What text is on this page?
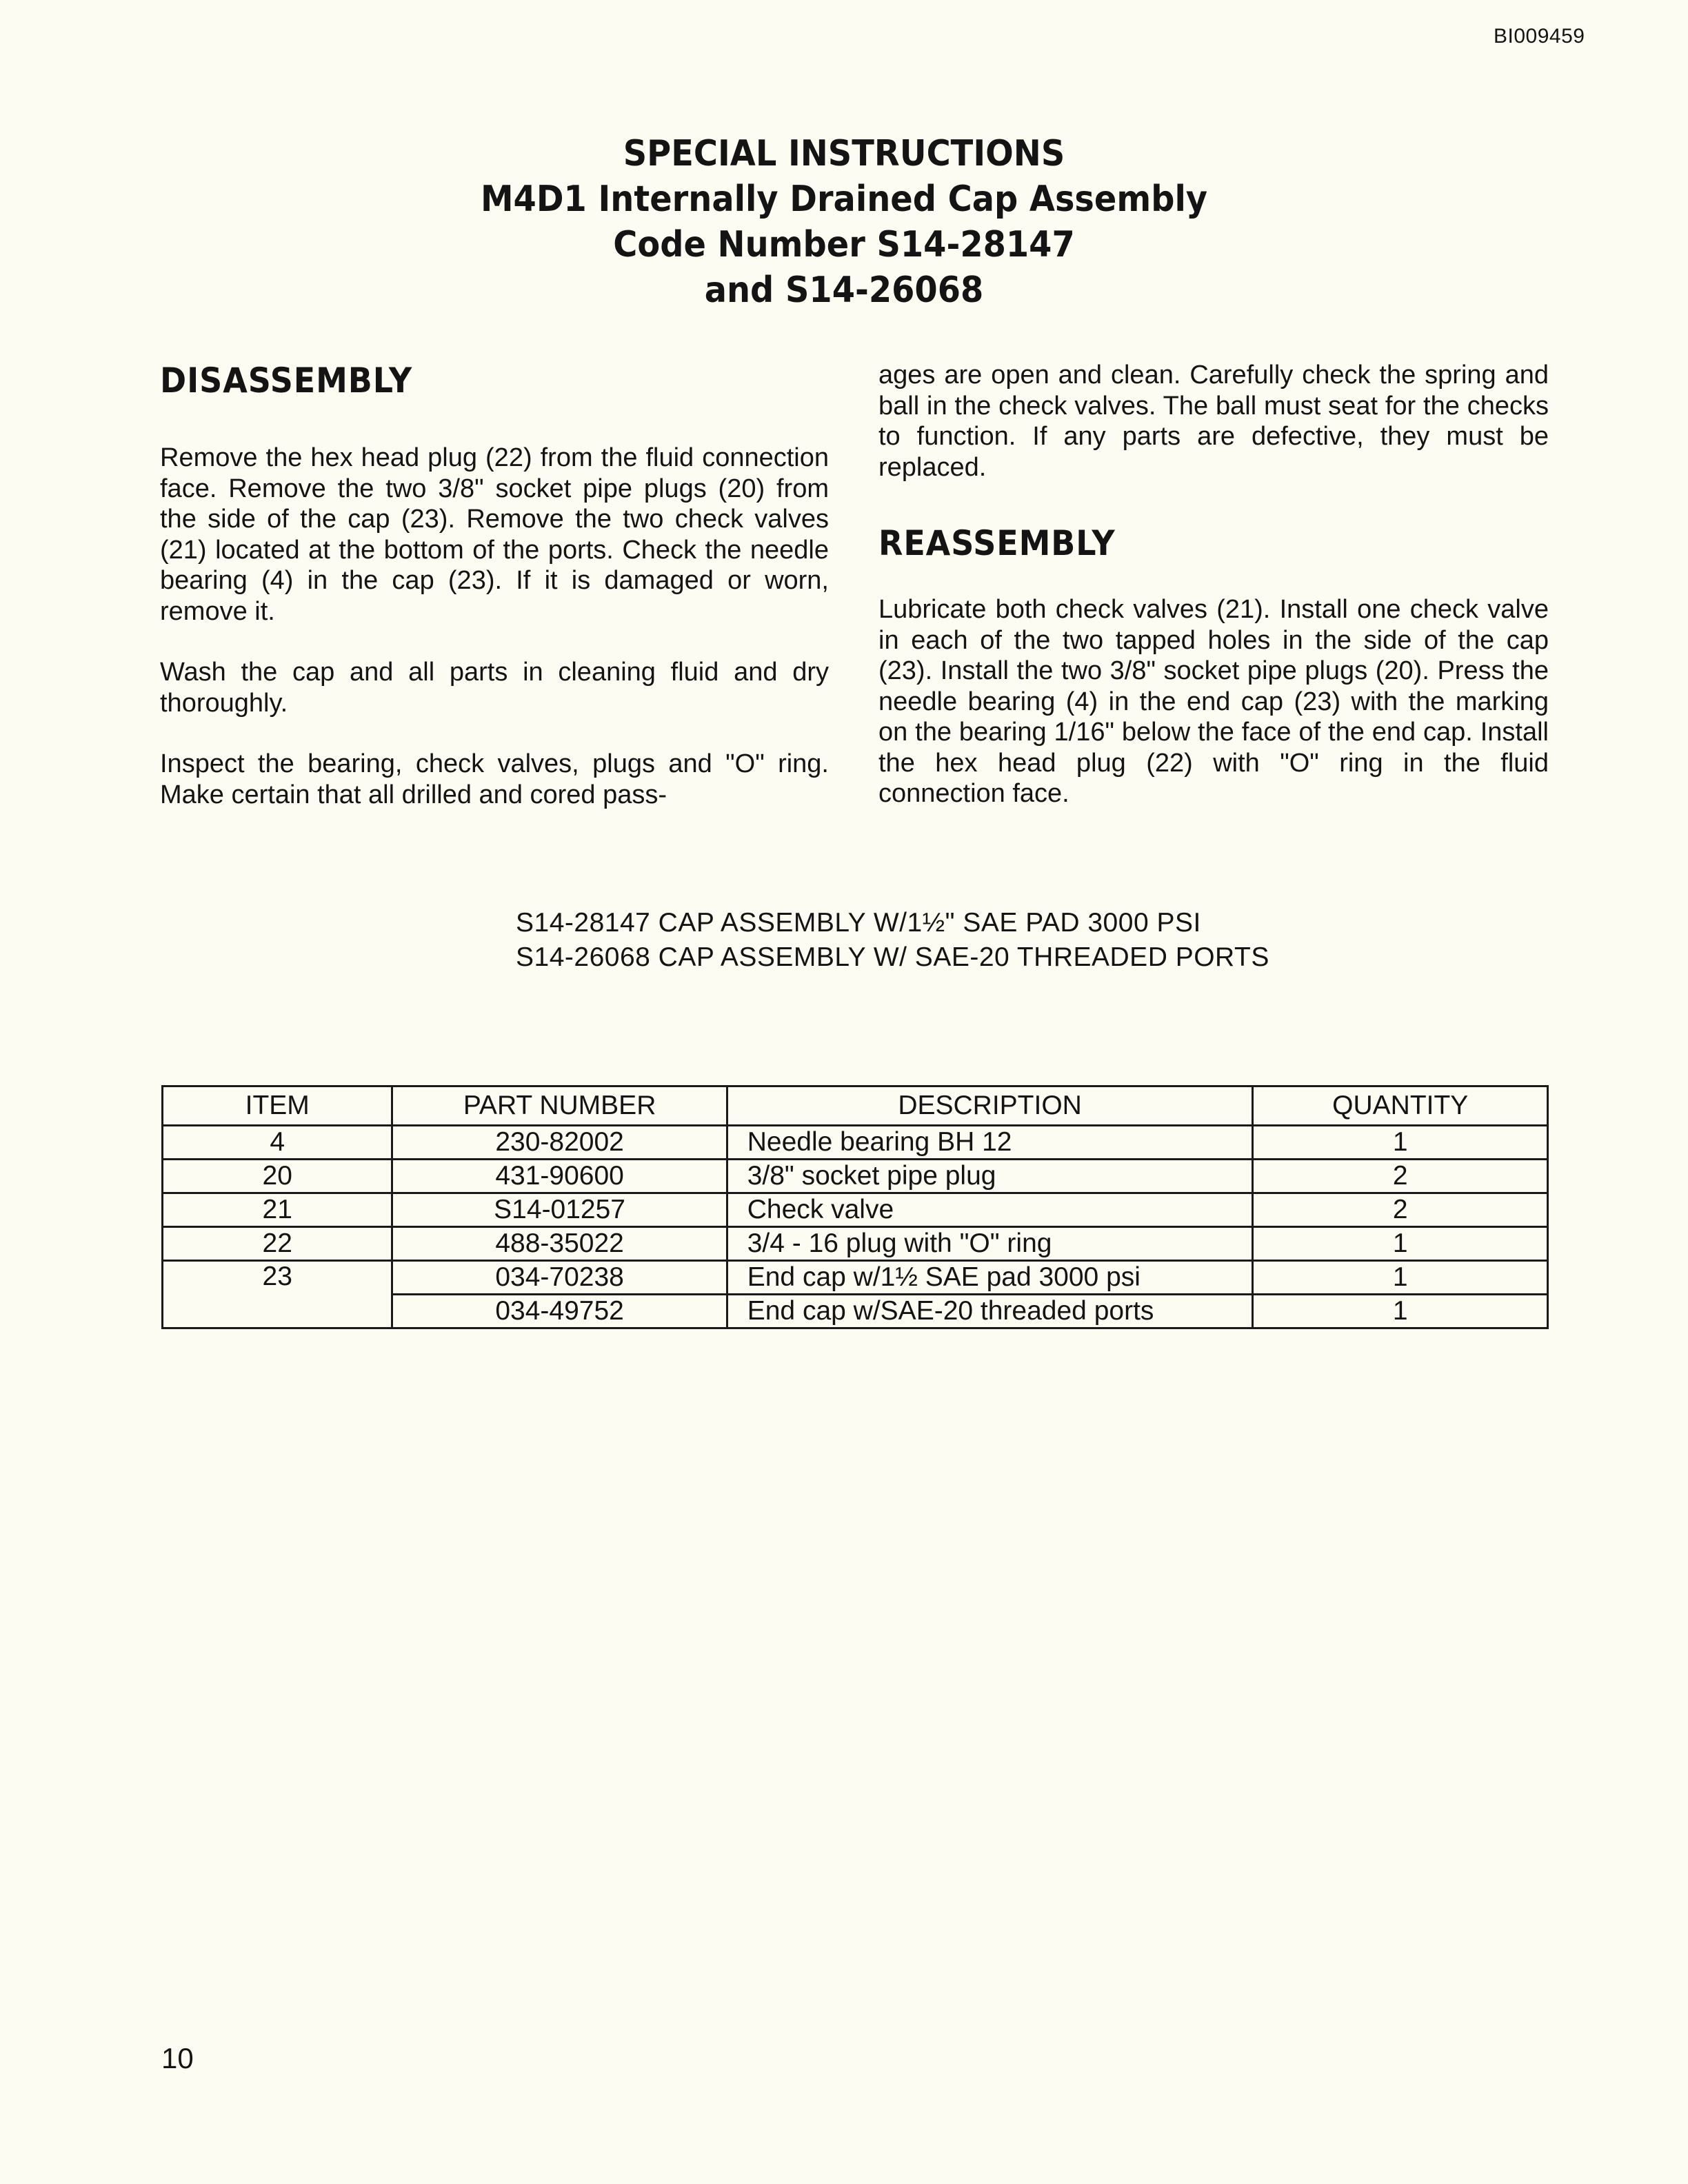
BI009459
SPECIAL INSTRUCTIONS
M4D1 Internally Drained Cap Assembly
Code Number S14-28147
and S14-26068
DISASSEMBLY

Remove the hex head plug (22) from the fluid connection face. Remove the two 3/8" socket pipe plugs (20) from the side of the cap (23). Remove the two check valves (21) located at the bottom of the ports. Check the needle bearing (4) in the cap (23). If it is damaged or worn, remove it.

Wash the cap and all parts in cleaning fluid and dry thoroughly.

Inspect the bearing, check valves, plugs and "O" ring. Make certain that all drilled and cored pass-

ages are open and clean. Carefully check the spring and ball in the check valves. The ball must seat for the checks to function. If any parts are defective, they must be replaced.

REASSEMBLY

Lubricate both check valves (21). Install one check valve in each of the two tapped holes in the side of the cap (23). Install the two 3/8" socket pipe plugs (20). Press the needle bearing (4) in the end cap (23) with the marking on the bearing 1/16" below the face of the end cap. Install the hex head plug (22) with "O" ring in the fluid connection face.

S14-28147 CAP ASSEMBLY W/1½" SAE PAD 3000 PSI
S14-26068 CAP ASSEMBLY W/ SAE-20 THREADED PORTS
ITEM	PART NUMBER	DESCRIPTION	QUANTITY
4	230-82002	Needle bearing BH 12	1
20	431-90600	3/8" socket pipe plug	2
21	S14-01257	Check valve	2
22	488-35022	3/4 - 16 plug with "O" ring	1
23	034-70238	End cap w/1½ SAE pad 3000 psi	1
	034-49752	End cap w/SAE-20 threaded ports	1
10
